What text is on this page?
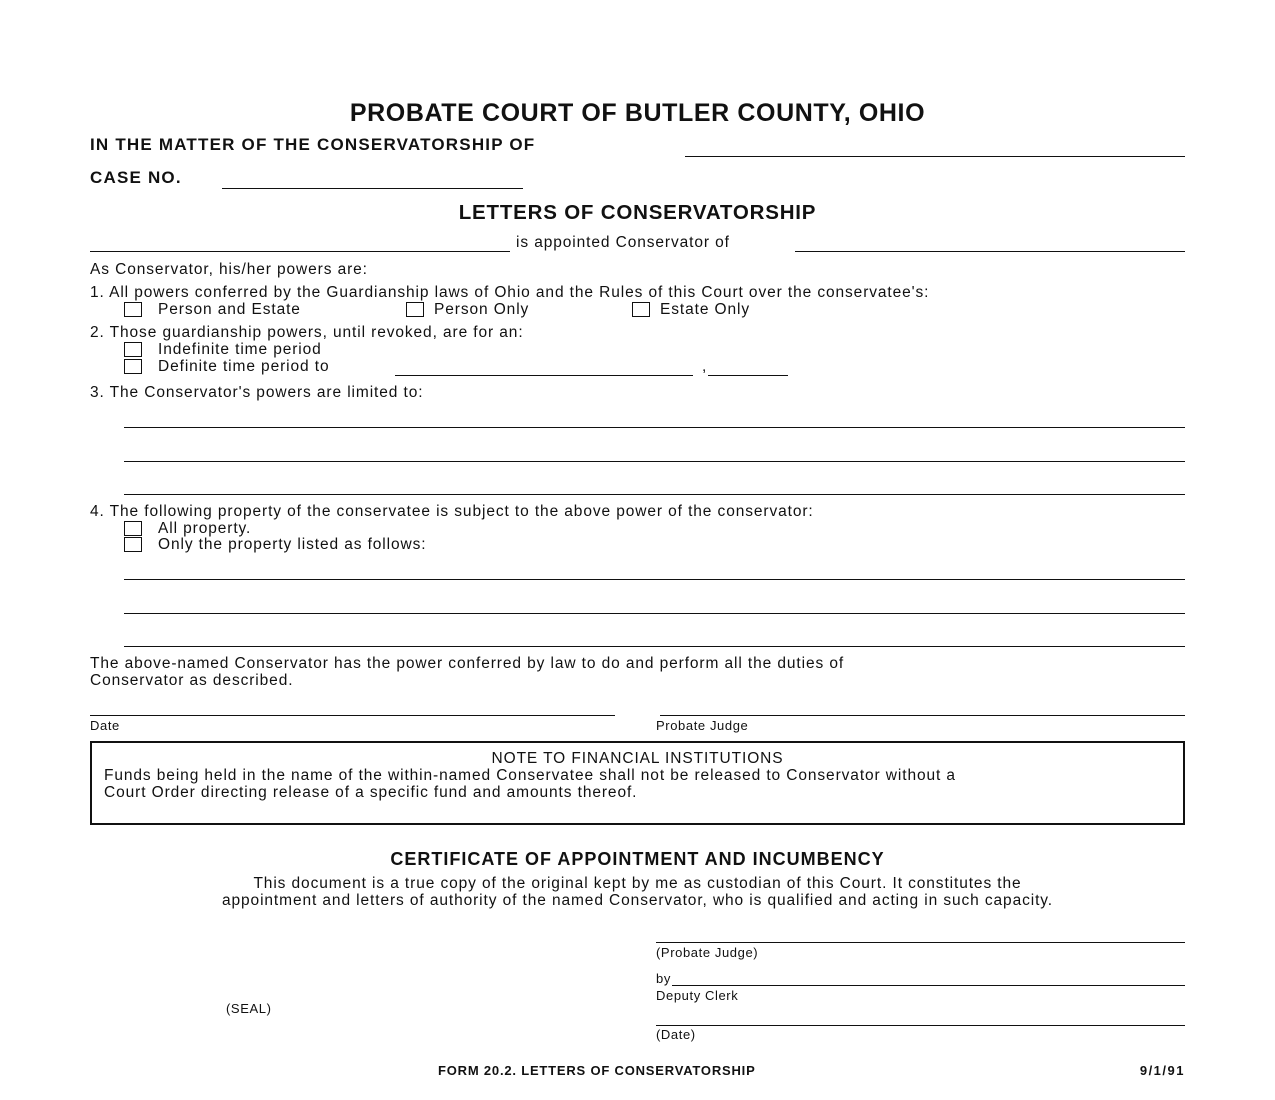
PROBATE COURT OF BUTLER COUNTY, OHIO
IN THE MATTER OF THE CONSERVATORSHIP OF
CASE NO.
LETTERS OF CONSERVATORSHIP
is appointed Conservator of
As Conservator, his/her powers are:
1. All powers conferred by the Guardianship laws of Ohio and the Rules of this Court over the conservatee's:
Person and Estate	Person Only	Estate Only
2. Those guardianship powers, until revoked, are for an:
Indefinite time period
Definite time period to	,
3. The Conservator's powers are limited to:
4. The following property of the conservatee is subject to the above power of the conservator:
All property.
Only the property listed as follows:
The above-named Conservator has the power conferred by law to do and perform all the duties of
Conservator as described.
Date	Probate Judge
NOTE TO FINANCIAL INSTITUTIONS
Funds being held in the name of the within-named Conservatee shall not be released to Conservator without a
Court Order directing release of a specific fund and amounts thereof.
CERTIFICATE OF APPOINTMENT AND INCUMBENCY
This document is a true copy of the original kept by me as custodian of this Court. It constitutes the
appointment and letters of authority of the named Conservator, who is qualified and acting in such capacity.
(Probate Judge)
by
Deputy Clerk
(SEAL)
(Date)
FORM 20.2. LETTERS OF CONSERVATORSHIP	9/1/91
